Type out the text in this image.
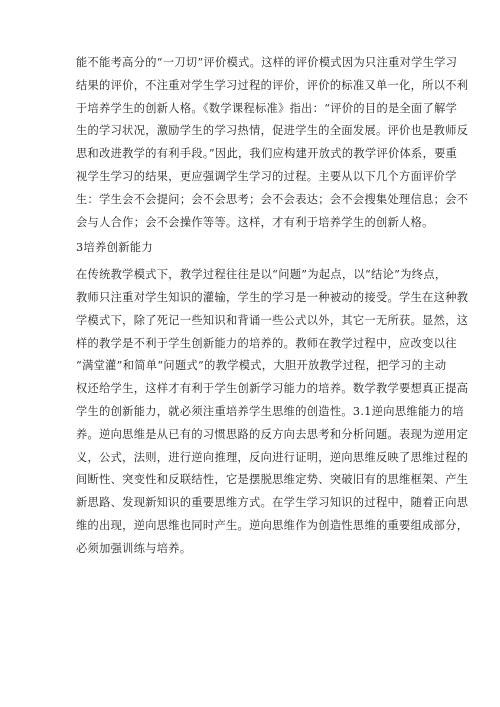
能不能考高分的“一刀切”评价模式。这样的评价模式因为只注重对学生学习
结果的评价，不注重对学生学习过程的评价，评价的标准又单一化，所以不利
于培养学生的创新人格。《数学课程标准》指出：“评价的目的是全面了解学
生的学习状况，激励学生的学习热情，促进学生的全面发展。评价也是教师反
思和改进教学的有利手段。”因此，我们应构建开放式的教学评价体系，要重
视学生学习的结果，更应强调学生学习的过程。主要从以下几个方面评价学
生：学生会不会提问；会不会思考；会不会表达；会不会搜集处理信息；会不
会与人合作；会不会操作等等。这样，才有利于培养学生的创新人格。
3培养创新能力
在传统教学模式下，教学过程往往是以“问题”为起点，以“结论”为终点，
教师只注重对学生知识的灌输，学生的学习是一种被动的接受。学生在这种教
学模式下，除了死记一些知识和背诵一些公式以外，其它一无所获。显然，这
样的教学是不利于学生创新能力的培养的。教师在教学过程中，应改变以往
“满堂灌”和简单“问题式”的教学模式，大胆开放教学过程，把学习的主动
权还给学生，这样才有利于学生创新学习能力的培养。数学教学要想真正提高
学生的创新能力，就必须注重培养学生思维的创造性。3.1逆向思维能力的培
养。逆向思维是从已有的习惯思路的反方向去思考和分析问题。表现为逆用定
义，公式，法则，进行逆向推理，反向进行证明，逆向思维反映了思维过程的
间断性、突变性和反联结性，它是摆脱思维定势、突破旧有的思维框架、产生
新思路、发现新知识的重要思维方式。在学生学习知识的过程中，随着正向思
维的出现，逆向思维也同时产生。逆向思维作为创造性思维的重要组成部分，
必须加强训练与培养。
